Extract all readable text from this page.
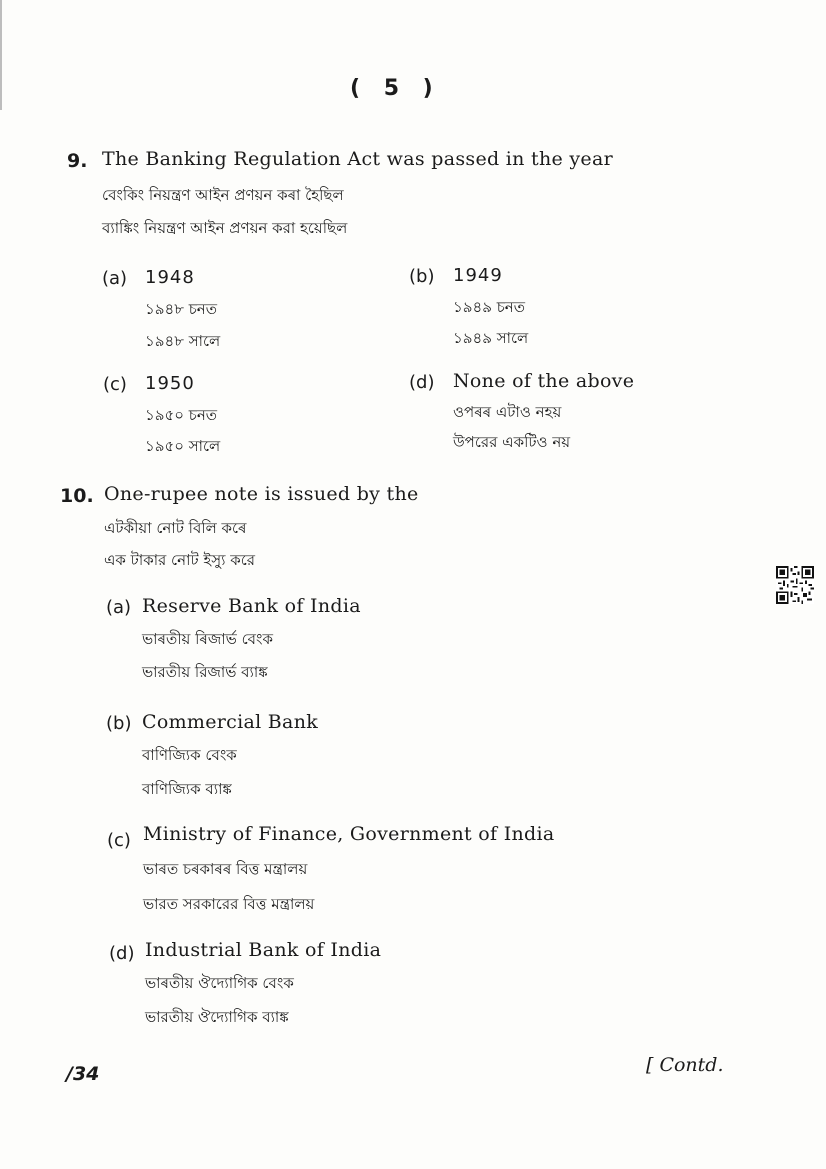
( 5 )
9. The Banking Regulation Act was passed in the year
বেংকিং নিয়ন্ত্ৰণ আইন প্ৰণয়ন কৰা হৈছিল
ব্যাঙ্কিং নিয়ন্ত্রণ আইন প্রণয়ন করা হয়েছিল
(a) 1948
১৯৪৮ চনত
১৯৪৮ সালে
(b) 1949
১৯৪৯ চনত
১৯৪৯ সালে
(c) 1950
১৯৫০ চনত
১৯৫০ সালে
(d) None of the above
ওপৰৰ এটাও নহয়
উপরের একটিও নয়
10. One-rupee note is issued by the
এটকীয়া নোট বিলি কৰে
এক টাকার নোট ইস্যু করে
(a) Reserve Bank of India
ভাৰতীয় ৰিজাৰ্ভ বেংক
ভারতীয় রিজার্ভ ব্যাঙ্ক
(b) Commercial Bank
বাণিজ্যিক বেংক
বাণিজ্যিক ব্যাঙ্ক
(c) Ministry of Finance, Government of India
ভাৰত চৰকাৰৰ বিত্ত মন্ত্ৰালয়
ভারত সরকারের বিত্ত মন্ত্রালয়
(d) Industrial Bank of India
ভাৰতীয় ঔদ্যোগিক বেংক
ভারতীয় ঔদ্যোগিক ব্যাঙ্ক
/34	[ Contd.
